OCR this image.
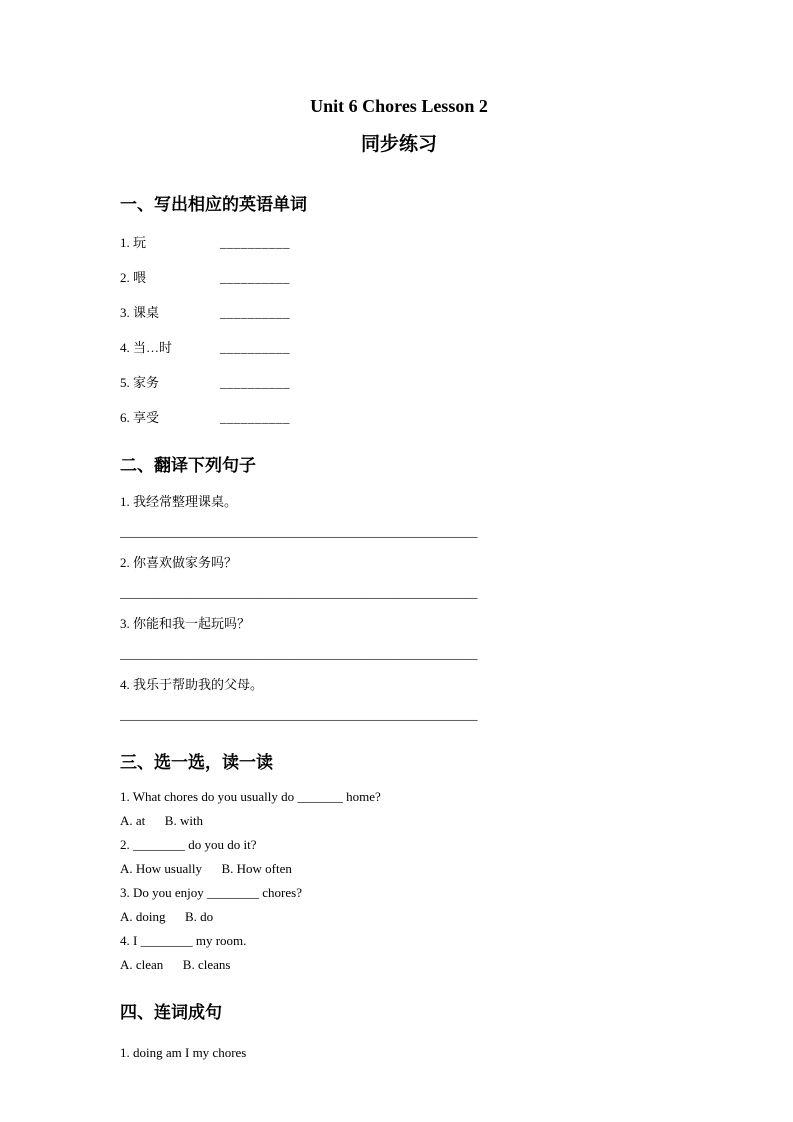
Unit 6 Chores Lesson 2
同步练习
一、写出相应的英语单词
1. 玩	__________
2. 喂	__________
3. 课桌	__________
4. 当…时	__________
5. 家务	__________
6. 享受	__________
二、翻译下列句子

1. 我经常整理课桌。

_______________________________________________________

2. 你喜欢做家务吗？

_______________________________________________________

3. 你能和我一起玩吗？

_______________________________________________________

4. 我乐于帮助我的父母。

_______________________________________________________

三、选一选，读一读

1. What chores do you usually do _______ home?

A. at      B. with

2. ________ do you do it?

A. How usually      B. How often

3. Do you enjoy ________ chores?

A. doing      B. do

4. I ________ my room.

A. clean      B. cleans

四、连词成句

1. doing am I my chores
